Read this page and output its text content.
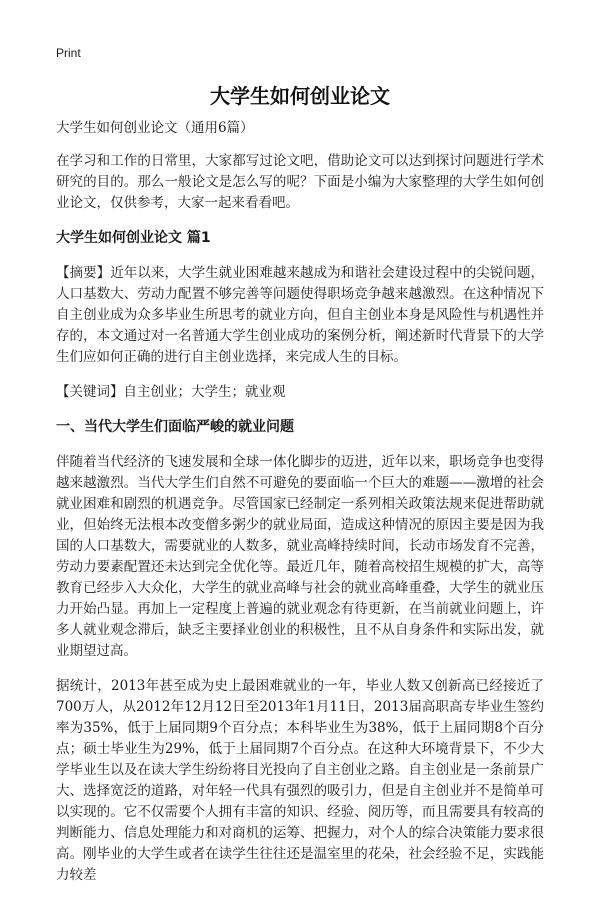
Print
大学生如何创业论文

大学生如何创业论文（通用6篇）

在学习和工作的日常里，大家都写过论文吧，借助论文可以达到探讨问题进行学术研究的目的。那么一般论文是怎么写的呢？下面是小编为大家整理的大学生如何创业论文，仅供参考，大家一起来看看吧。

大学生如何创业论文 篇1

【摘要】近年以来，大学生就业困难越来越成为和谐社会建设过程中的尖锐问题，人口基数大、劳动力配置不够完善等问题使得职场竞争越来越激烈。在这种情况下自主创业成为众多毕业生所思考的就业方向，但自主创业本身是风险性与机遇性并存的，本文通过对一名普通大学生创业成功的案例分析，阐述新时代背景下的大学生们应如何正确的进行自主创业选择，来完成人生的目标。

【关键词】自主创业；大学生；就业观

一、当代大学生们面临严峻的就业问题

伴随着当代经济的飞速发展和全球一体化脚步的迈进，近年以来，职场竞争也变得越来越激烈。当代大学生们自然不可避免的要面临一个巨大的难题——激增的社会就业困难和剧烈的机遇竞争。尽管国家已经制定一系列相关政策法规来促进帮助就业，但始终无法根本改变僧多粥少的就业局面，造成这种情况的原因主要是因为我国的人口基数大，需要就业的人数多，就业高峰持续时间，长动市场发育不完善，劳动力要素配置还未达到完全优化等。最近几年，随着高校招生规模的扩大，高等教育已经步入大众化，大学生的就业高峰与社会的就业高峰重叠，大学生的就业压力开始凸显。再加上一定程度上普遍的就业观念有待更新，在当前就业问题上，许多人就业观念滞后，缺乏主要择业创业的积极性，且不从自身条件和实际出发，就业期望过高。

据统计，2013年甚至成为史上最困难就业的一年，毕业人数又创新高已经接近了700万人，从2012年12月12日至2013年1月11日，2013届高职高专毕业生签约率为35%，低于上届同期9个百分点；本科毕业生为38%，低于上届同期8个百分点；硕士毕业生为29%，低于上届同期7个百分点。在这种大环境背景下，不少大学毕业生以及在读大学生纷纷将目光投向了自主创业之路。自主创业是一条前景广大、选择宽泛的道路，对年轻一代具有强烈的吸引力，但是自主创业并不是简单可以实现的。它不仅需要个人拥有丰富的知识、经验、阅历等，而且需要具有较高的判断能力、信息处理能力和对商机的运筹、把握力，对个人的综合决策能力要求很高。刚毕业的大学生或者在读学生往往还是温室里的花朵，社会经验不足，实践能力较差
